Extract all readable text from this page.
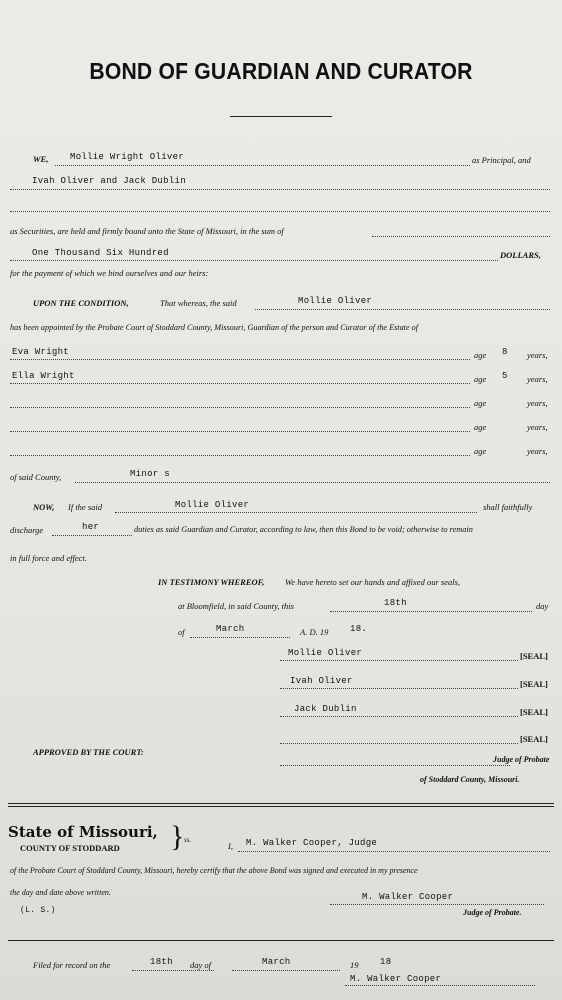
BOND OF GUARDIAN AND CURATOR
WE, Mollie Wright Oliver	as Principal, and
Ivah Oliver and Jack Dublin
as Securities, are held and firmly bound unto the State of Missouri, in the sum of
One Thousand Six Hundred	DOLLARS,
for the payment of which we bind ourselves and our heirs:
UPON THE CONDITION,	That whereas, the said	Mollie Oliver
has been appointed by the Probate Court of Stoddard County, Missouri, Guardian of the person and Curator of the Estate of
Eva Wright	age 8 years,
Ella Wright	age 5 years,
age	years,
age	years,
age	years,
of said County,	Minor s
NOW, If the said	Mollie Oliver	shall faithfully
discharge	her	duties as said Guardian and Curator, according to law, then this Bond to be void; otherwise to remain
in full force and effect.
IN TESTIMONY WHEREOF, We have hereto set our hands and affixed our seals,
at Bloomfield, in said County, this	18th	day
of	March	A. D. 19 18.
Mollie Oliver	[SEAL]
Ivah Oliver	[SEAL]
Jack Dublin	[SEAL]
[SEAL]
APPROVED BY THE COURT:
Judge of Probate
of Stoddard County, Missouri.
State of Missouri,
COUNTY OF STODDARD } ss.
I, M. Walker Cooper, Judge
of the Probate Court of Stoddard County, Missouri, hereby certify that the above Bond was signed and executed in my presence
the day and date above written.
(L. S.)
M. Walker Cooper
Judge of Probate.
Filed for record on the	18th day of	March	19 18
M. Walker Cooper
